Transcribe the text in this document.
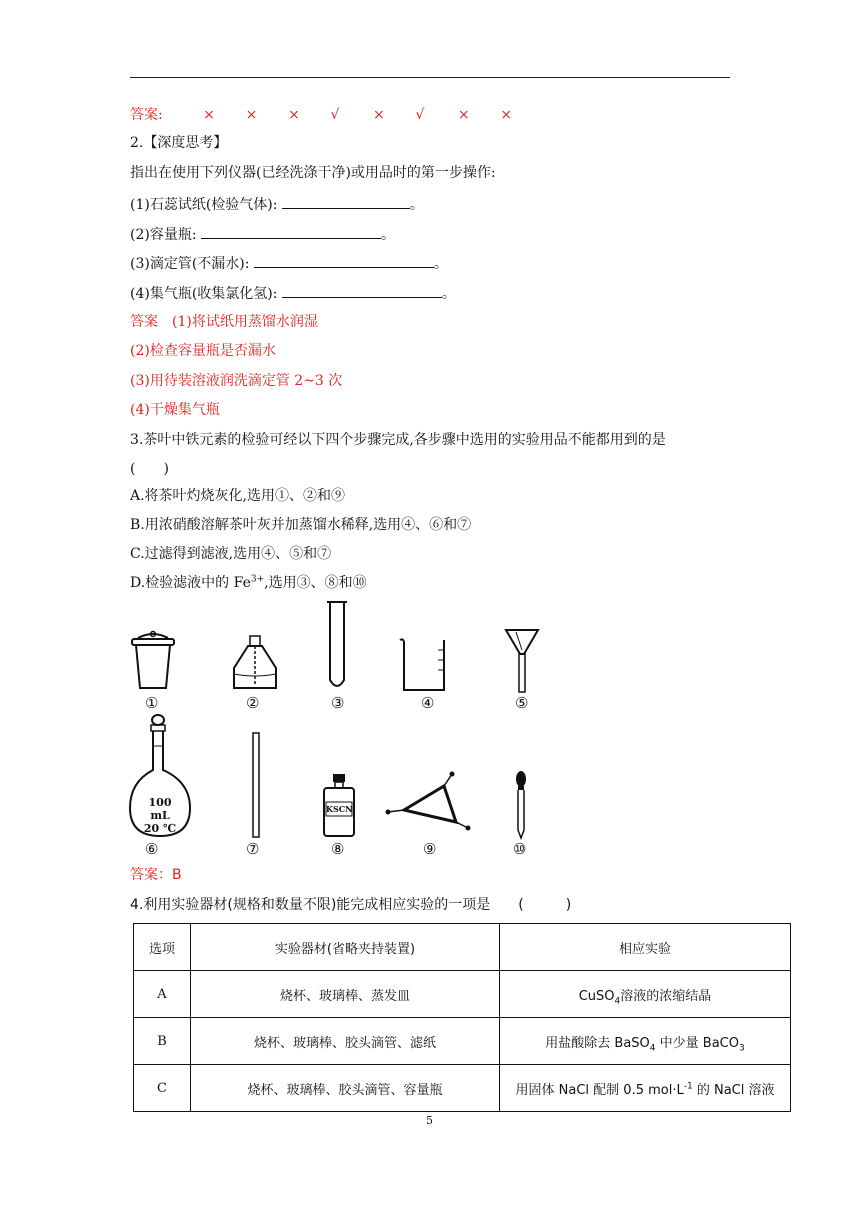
答案:	× × × √ × √ × ×
2.【深度思考】
指出在使用下列仪器(已经洗涤干净)或用品时的第一步操作:
(1)石蕊试纸(检验气体):	。
(2)容量瓶:	。
(3)滴定管(不漏水):	。
(4)集气瓶(收集氯化氢):	。
答案　(1)将试纸用蒸馏水润湿
(2)检查容量瓶是否漏水
(3)用待装溶液润洗滴定管 2~3 次
(4)干燥集气瓶
3.茶叶中铁元素的检验可经以下四个步骤完成,各步骤中选用的实验用品不能都用到的是
(　　)
A.将茶叶灼烧灰化,选用①、②和⑨
B.用浓硝酸溶解茶叶灰并加蒸馏水稀释,选用④、⑥和⑦
C.过滤得到滤液,选用④、⑤和⑦
D.检验滤液中的 $Fe^{3+}$,选用③、⑧和⑩
①	②	③	④	⑤
100 mL
20 ℃
KSCN
⑥	⑦	⑧	⑨	⑩
答案：B
4.利用实验器材(规格和数量不限)能完成相应实验的一项是　　(　　　)
选项	实验器材(省略夹持装置)	相应实验
A	烧杯、玻璃棒、蒸发皿	CuSO$_4$溶液的浓缩结晶
B	烧杯、玻璃棒、胶头滴管、滤纸	用盐酸除去 BaSO$_4$ 中少量 BaCO$_3$
C	烧杯、玻璃棒、胶头滴管、容量瓶	用固体 NaCl 配制 0.5 $mol\cdot L^{-1}$ 的 NaCl 溶液
5
